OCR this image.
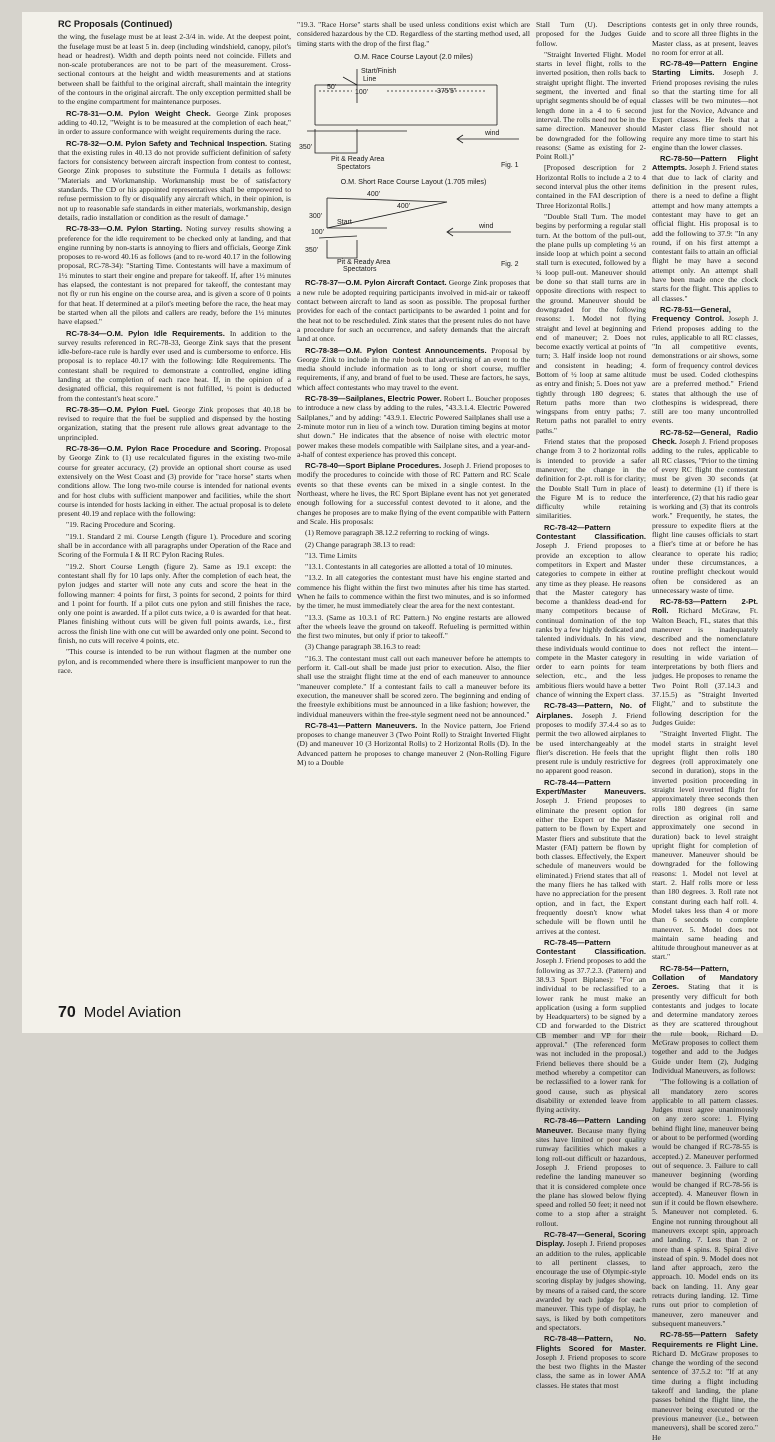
RC Proposals (Continued)

the wing, the fuselage must be at least 2-3/4 in. wide. At the deepest point, the fuselage must be at least 5 in. deep (including windshield, canopy, pilot's head or headrest). Width and depth points need not coincide. Fillets and non-scale protuberances are not to be part of the measurement. Cross-sectional contours at the height and width measurements and at stations between shall be faithful to the original aircraft, shall maintain the integrity of the contours in the original aircraft. The only exception permitted shall be to the engine compartment for maintenance purposes.

RC-78-31—O.M. Pylon Weight Check. George Zink proposes adding to 40.12, "Weight is to be measured at the completion of each heat," in order to assure conformance with weight requirements during the race.

RC-78-32—O.M. Pylon Safety and Technical Inspection. Stating that the existing rules in 40.13 do not provide sufficient definition of safety factors for consistency between aircraft inspection from contest to contest, George Zink proposes to substitute the Formula I details as follows: "Materials and Workmanship. Workmanship must be of satisfactory standards. The CD or his appointed representatives shall be empowered to refuse permission to fly or disqualify any aircraft which, in their opinion, is not up to reasonable safe standards in either materials, workmanship, design details, radio installation or condition as the result of damage."

RC-78-33—O.M. Pylon Starting. Noting survey results showing a preference for the idle requirement to be checked only at landing, and that engine running by non-starts is annoying to fliers and officials, George Zink proposes to re-word 40.16 as follows (and to re-word 40.17 in the following proposal, RC-78-34): "Starting Time. Contestants will have a maximum of 1½ minutes to start their engine and prepare for takeoff. If, after 1½ minutes has elapsed, the contestant is not prepared for takeoff, the contestant may not fly or run his engine on the course area, and is given a score of 0 points for that heat. If determined at a pilot's meeting before the race, the heat may be started when all the pilots and callers are ready, before the 1½ minutes have elapsed."

RC-78-34—O.M. Pylon Idle Requirements. In addition to the survey results referenced in RC-78-33, George Zink says that the present idle-before-race rule is hardly ever used and is cumbersome to enforce. His proposal is to replace 40.17 with the following: Idle Requirements. The contestant shall be required to demonstrate a controlled, engine idling landing at the completion of each race heat. If, in the opinion of a designated official, this requirement is not fulfilled, ½ point is deducted from the contestant's heat score."

RC-78-35—O.M. Pylon Fuel. George Zink proposes that 40.18 be revised to require that the fuel be supplied and dispensed by the hosting organization, stating that the present rule allows great advantage to the unprincipled.

RC-78-36—O.M. Pylon Race Procedure and Scoring. Proposal by George Zink to (1) use recalculated figures in the existing two-mile course for greater accuracy, (2) provide an optional short course as used extensively on the West Coast and (3) provide for "race horse" starts when conditions allow. The long two-mile course is intended for national events and for host clubs with sufficient manpower and facilities, while the short course is intended for hosts lacking in either. The actual proposal is to delete present 40.19 and replace with the following:

"19. Racing Procedure and Scoring.

"19.1. Standard 2 mi. Course Length (figure 1). Procedure and scoring shall be in accordance with all paragraphs under Operation of the Race and Scoring of the Formula I & II RC Pylon Racing Rules.

"19.2. Short Course Length (figure 2). Same as 19.1 except: the contestant shall fly for 10 laps only. After the completion of each heat, the pylon judges and starter will note any cuts and score the heat in the following manner: 4 points for first, 3 points for second, 2 points for third and 1 point for fourth. If a pilot cuts one pylon and still finishes the race, only one point is awarded. If a pilot cuts twice, a 0 is awarded for that heat. Planes finishing without cuts will be given full points awards, i.e., first across the finish line with one cut will be awarded only one point. Second to finish, no cuts will receive 4 points, etc.

"This course is intended to be run without flagmen at the number one pylon, and is recommended where there is insufficient manpower to run the race.

"19.3. "Race Horse" starts shall be used unless conditions exist which are considered hazardous by the CD. Regardless of the starting method used, all timing starts with the drop of the first flag."

O.M. Race Course Layout (2.0 miles)
Start/Finish
Line
50'
100'	375'5"
350'
wind
Pit & Ready Area
Spectators	Fig. 1
O.M. Short Race Course Layout (1.705 miles)
400'
400'
300'
100'
Start
350'
wind
Pit & Ready Area
Spectators
Fig. 2

RC-78-37—O.M. Pylon Aircraft Contact. George Zink proposes that a new rule be adopted requiring participants involved in mid-air or takeoff contact between aircraft to land as soon as possible. The proposal further provides for each of the contact participants to be awarded 1 point and for the heat not to be rescheduled. Zink states that the present rules do not have a procedure for such an occurrence, and safety demands that the aircraft land at once.

RC-78-38—O.M. Pylon Contest Announcements. Proposal by George Zink to include in the rule book that advertising of an event to the media should include information as to long or short course, muffler requirements, if any, and brand of fuel to be used. These are factors, he says, which affect contestants who may travel to the event.

RC-78-39—Sailplanes, Electric Power. Robert L. Boucher proposes to introduce a new class by adding to the rules, "43.3.1.4. Electric Powered Sailplanes," and by adding: "43.9.1. Electric Powered Sailplanes shall use a 2-minute motor run in lieu of a winch tow. Duration timing begins at motor shut down." He indicates that the absence of noise with electric motor power makes these models compatible with Sailplane sites, and a year-and-a-half of contest experience has proved this concept.

RC-78-40—Sport Biplane Procedures. Joseph J. Friend proposes to modify the procedures to coincide with those of RC Pattern and RC Scale events so that these events can be mixed in a single contest. In the Northeast, where he lives, the RC Sport Biplane event has not yet generated enough following for a successful contest devoted to it alone, and the changes he proposes are to make flying of the event compatible with Pattern and Scale. His proposals:

(1) Remove paragraph 38.12.2 referring to rocking of wings.

(2) Change paragraph 38.13 to read:

"13. Time Limits

"13.1. Contestants in all categories are allotted a total of 10 minutes.

"13.2. In all categories the contestant must have his engine started and commence his flight within the first two minutes after his time has started. When he fails to commence within the first two minutes, and is so informed by the timer, he must immediately clear the area for the next contestant.

"13.3. (Same as 10.3.1 of RC Pattern.) No engine restarts are allowed after the wheels leave the ground on takeoff. Refueling is permitted within the first two minutes, but only if prior to takeoff."

(3) Change paragraph 38.16.3 to read:

"16.3. The contestant must call out each maneuver before he attempts to perform it. Call-out shall be made just prior to execution. Also, the flier shall use the straight flight time at the end of each maneuver to announce "maneuver complete." If a contestant fails to call a maneuver before its execution, the maneuver shall be scored zero. The beginning and ending of the freestyle exhibitions must be announced in a like fashion; however, the individual maneuvers within the free-style segment need not be announced."

RC-78-41—Pattern Maneuvers. In the Novice pattern, Joe Friend proposes to change maneuver 3 (Two Point Roll) to Straight Inverted Flight (D) and maneuver 10 (3 Horizontal Rolls) to 2 Horizontal Rolls (D). In the Advanced pattern he proposes to change maneuver 2 (Non-Rolling Figure M) to a Double

Stall Turn (U). Descriptions proposed for the Judges Guide follow.

"Straight Inverted Flight. Model starts in level flight, rolls to the inverted position, then rolls back to straight upright flight. The inverted segment, the inverted and final upright segments should be of equal length done in a 4 to 6 second interval. The rolls need not be in the same direction. Maneuver should be downgraded for the following reasons: (Same as existing for 2-Point Roll.)"

[Proposed description for 2 Horizontal Rolls to include a 2 to 4 second interval plus the other items contained in the FAI description of Three Horizontal Rolls.]

"Double Stall Turn. The model begins by performing a regular stall turn. At the bottom of the pull-out, the plane pulls up completing ½ an inside loop at which point a second stall turn is executed, followed by a ¼ loop pull-out. Maneuver should be done so that stall turns are in opposite directions with respect to the ground. Maneuver should be downgraded for the following reasons: 1. Model not flying straight and level at beginning and end of maneuver; 2. Does not become exactly vertical at points of turn; 3. Half inside loop not round and consistent in heading; 4. Bottom of ½ loop at same altitude as entry and finish; 5. Does not yaw tightly through 180 degrees; 6. Return paths more than two wingspans from entry paths; 7. Return paths not parallel to entry paths."

Friend states that the proposed change from 3 to 2 horizontal rolls is intended to provide a safer maneuver; the change in the definition for 2-pt. roll is for clarity; the Double Stall Turn in place of the Figure M is to reduce the difficulty while retaining similarities.

RC-78-42—Pattern Contestant Classification. Joseph J. Friend proposes to provide an exception to allow competitors in Expert and Master categories to compete in either at any time as they please. He reasons that the Master category has become a thankless dead-end for many competitors because of continual domination of the top ranks by a few highly dedicated and talented individuals. In his view, these individuals would continue to compete in the Master category in order to earn points for team selection, etc., and the less ambitious fliers would have a better chance of winning the Expert class.

RC-78-43—Pattern, No. of Airplanes. Joseph J. Friend proposes to modify 37.4.4 so as to permit the two allowed airplanes to be used interchangeably at the flier's discretion. He feels that the present rule is unduly restrictive for no apparent good reason.

RC-78-44—Pattern Expert/Master Maneuvers. Joseph J. Friend proposes to eliminate the present option for either the Expert or the Master pattern to be flown by Expert and Master fliers and substitute that the Master (FAI) pattern be flown by both classes. Effectively, the Expert schedule of maneuvers would be eliminated.) Friend states that all of the many fliers he has talked with have no appreciation for the present option, and in fact, the Expert frequently doesn't know what schedule will be flown until he arrives at the contest.

RC-78-45—Pattern Contestant Classification. Joseph J. Friend proposes to add the following as 37.7.2.3. (Pattern) and 38.9.3 Sport Biplanes): "For an individual to be reclassified to a lower rank he must make an application (using a form supplied by Headquarters) to be signed by a CD and forwarded to the District CB member and VP for their approval." (The referenced form was not included in the proposal.) Friend believes there should be a method whereby a competitor can be reclassified to a lower rank for good cause, such as physical disability or extended leave from flying activity.

RC-78-46—Pattern Landing Maneuver. Because many flying sites have limited or poor quality runway facilities which makes a long roll-out difficult or hazardous, Joseph J. Friend proposes to redefine the landing maneuver so that it is considered complete once the plane has slowed below flying speed and rolled 50 feet; it need not come to a stop after a straight rollout.

RC-78-47—General, Scoring Display. Joseph J. Friend proposes an addition to the rules, applicable to all pertinent classes, to encourage the use of Olympic-style scoring display by judges showing, by means of a raised card, the score awarded by each judge for each maneuver. This type of display, he says, is liked by both competitors and spectators.

RC-78-48—Pattern, No. Flights Scored for Master. Joseph J. Friend proposes to score the best two flights in the Master class, the same as in lower AMA classes. He states that most

contests get in only three rounds, and to score all three flights in the Master class, as at present, leaves no room for error at all.

RC-78-49—Pattern Engine Starting Limits. Joseph J. Friend proposes revising the rules so that the starting time for all classes will be two minutes—not just for the Novice, Advance and Expert classes. He feels that a Master class flier should not require any more time to start his engine than the lower classes.

RC-78-50—Pattern Flight Attempts. Joseph J. Friend states that due to lack of clarity and definition in the present rules, there is a need to define a flight attempt and how many attempts a contestant may have to get an official flight. His proposal is to add the following to 37.9: "In any round, if on his first attempt a contestant fails to attain an official flight he may have a second attempt only. An attempt shall have been made once the clock starts for the flight. This applies to all classes."

RC-78-51—General, Frequency Control. Joseph J. Friend proposes adding to the rules, applicable to all RC classes, "In all competitive events, demonstrations or air shows, some form of frequency control devices must be used. Coded clothespins are a preferred method." Friend states that although the use of clothespins is widespread, there still are too many uncontrolled events.

RC-78-52—General, Radio Check. Joseph J. Friend proposes adding to the rules, applicable to all RC classes, "Prior to the timing of every RC flight the contestant must be given 30 seconds (at least) to determine (1) if there is interference, (2) that his radio gear is working and (3) that its controls work." Frequently, he states, the pressure to expedite fliers at the flight line causes officials to start a flier's time at or before he has clearance to operate his radio; under these circumstances, a routine preflight checkout would often be considered as an unnecessary waste of time.

RC-78-53—Pattern 2-Pt. Roll. Richard McGraw, Ft. Walton Beach, FL, states that this maneuver is inadequately described and the nomenclature does not reflect the intent—resulting in wide variation of interpretations by both fliers and judges. He proposes to rename the Two Point Roll (37.14.3 and 37.15.5) as "Straight Inverted Flight," and to substitute the following description for the Judges Guide:

"Straight Inverted Flight. The model starts in straight level upright flight then rolls 180 degrees (roll approximately one second in duration), stops in the inverted position proceeding in straight level inverted flight for approximately three seconds then rolls 180 degrees (in same direction as original roll and approximately one second in duration) back to level straight upright flight for completion of maneuver. Maneuver should be downgraded for the following reasons: 1. Model not level at start. 2. Half rolls more or less than 180 degrees. 3. Roll rate not constant during each half roll. 4. Model takes less than 4 or more than 6 seconds to complete maneuver. 5. Model does not maintain same heading and altitude throughout maneuver as at start."

RC-78-54—Pattern, Collation of Mandatory Zeroes. Stating that it is presently very difficult for both contestants and judges to locate and determine mandatory zeroes as they are scattered throughout the rule book, Richard D. McGraw proposes to collect them together and add to the Judges Guide under Item (2), Judging Individual Maneuvers, as follows:

"The following is a collation of all mandatory zero scores applicable to all pattern classes. Judges must agree unanimously on any zero score: 1. Flying behind flight line, maneuver being or about to be performed (wording would be changed if RC-78-55 is accepted.) 2. Maneuver performed out of sequence. 3. Failure to call maneuver beginning (wording would be changed if RC-78-56 is accepted). 4. Maneuver flown in sun if it could be flown elsewhere. 5. Maneuver not completed. 6. Engine not running throughout all maneuvers except spin, approach and landing. 7. Less than 2 or more than 4 spins. 8. Spiral dive instead of spin. 9. Model does not land after approach, zero the approach. 10. Model ends on its back on landing. 11. Any gear retracts during landing. 12. Time runs out prior to completion of maneuver, zero maneuver and subsequent maneuvers."

RC-78-55—Pattern Safety Requirements re Flight Line. Richard D. McGraw proposes to change the wording of the second sentence of 37.5.2 to: "If at any time during a flight including takeoff and landing, the plane passes behind the flight line, the maneuver being executed or the previous maneuver (i.e., between maneuvers), shall be scored zero." He

70 Model Aviation
